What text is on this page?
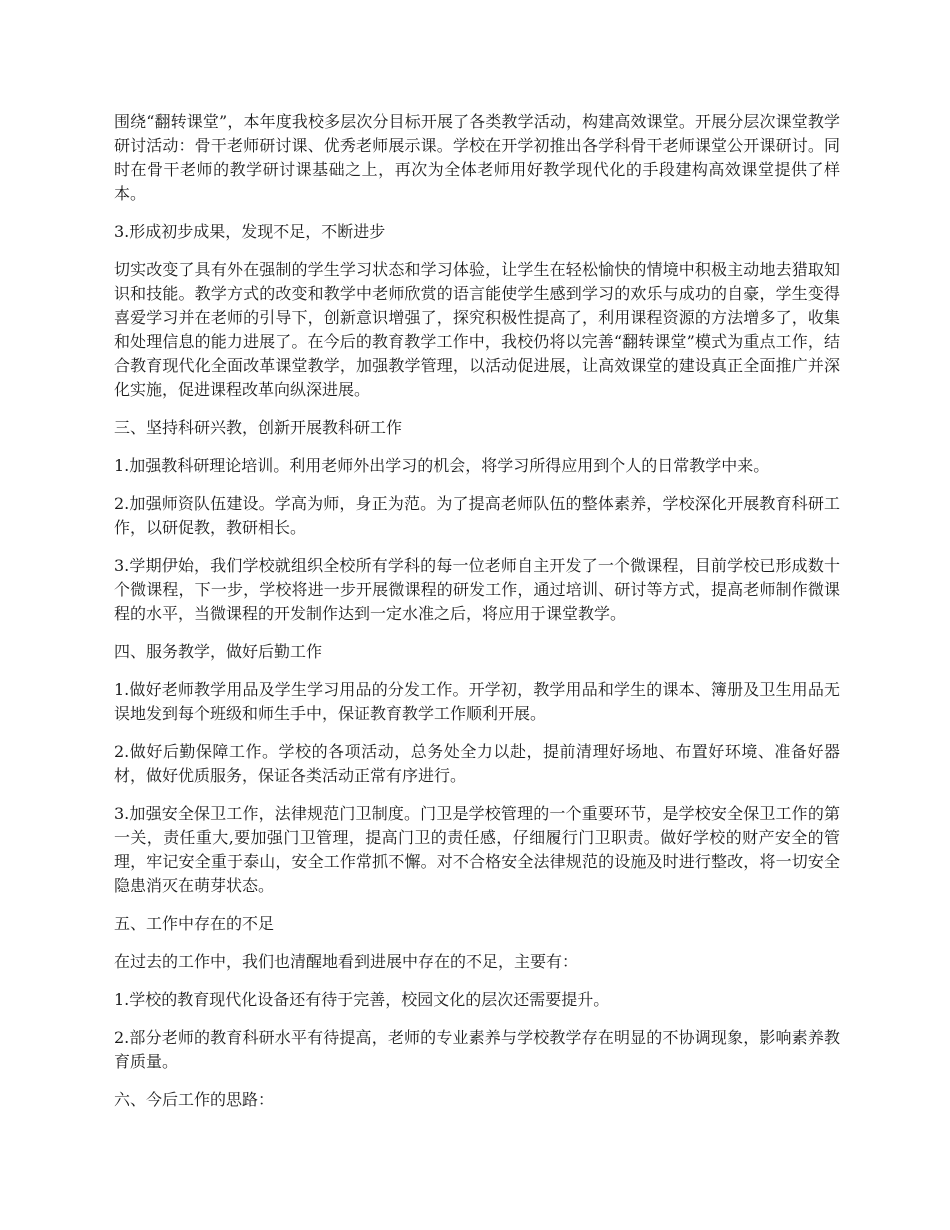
围绕“翻转课堂”，本年度我校多层次分目标开展了各类教学活动，构建高效课堂。开展分层次课堂教学研讨活动：骨干老师研讨课、优秀老师展示课。学校在开学初推出各学科骨干老师课堂公开课研讨。同时在骨干老师的教学研讨课基础之上，再次为全体老师用好教学现代化的手段建构高效课堂提供了样本。

3.形成初步成果，发现不足，不断进步

切实改变了具有外在强制的学生学习状态和学习体验，让学生在轻松愉快的情境中积极主动地去猎取知识和技能。教学方式的改变和教学中老师欣赏的语言能使学生感到学习的欢乐与成功的自豪，学生变得喜爱学习并在老师的引导下，创新意识增强了，探究积极性提高了，利用课程资源的方法增多了，收集和处理信息的能力进展了。在今后的教育教学工作中，我校仍将以完善“翻转课堂”模式为重点工作，结合教育现代化全面改革课堂教学，加强教学管理，以活动促进展，让高效课堂的建设真正全面推广并深化实施，促进课程改革向纵深进展。

三、坚持科研兴教，创新开展教科研工作

1.加强教科研理论培训。利用老师外出学习的机会，将学习所得应用到个人的日常教学中来。

2.加强师资队伍建设。学高为师，身正为范。为了提高老师队伍的整体素养，学校深化开展教育科研工作，以研促教，教研相长。

3.学期伊始，我们学校就组织全校所有学科的每一位老师自主开发了一个微课程，目前学校已形成数十个微课程，下一步，学校将进一步开展微课程的研发工作，通过培训、研讨等方式，提高老师制作微课程的水平，当微课程的开发制作达到一定水准之后，将应用于课堂教学。

四、服务教学，做好后勤工作

1.做好老师教学用品及学生学习用品的分发工作。开学初，教学用品和学生的课本、簿册及卫生用品无误地发到每个班级和师生手中，保证教育教学工作顺利开展。

2.做好后勤保障工作。学校的各项活动，总务处全力以赴，提前清理好场地、布置好环境、准备好器材，做好优质服务，保证各类活动正常有序进行。

3.加强安全保卫工作，法律规范门卫制度。门卫是学校管理的一个重要环节，是学校安全保卫工作的第一关，责任重大,要加强门卫管理，提高门卫的责任感，仔细履行门卫职责。做好学校的财产安全的管理，牢记安全重于泰山，安全工作常抓不懈。对不合格安全法律规范的设施及时进行整改，将一切安全隐患消灭在萌芽状态。

五、工作中存在的不足

在过去的工作中，我们也清醒地看到进展中存在的不足，主要有：

1.学校的教育现代化设备还有待于完善，校园文化的层次还需要提升。

2.部分老师的教育科研水平有待提高，老师的专业素养与学校教学存在明显的不协调现象，影响素养教育质量。

六、今后工作的思路：
